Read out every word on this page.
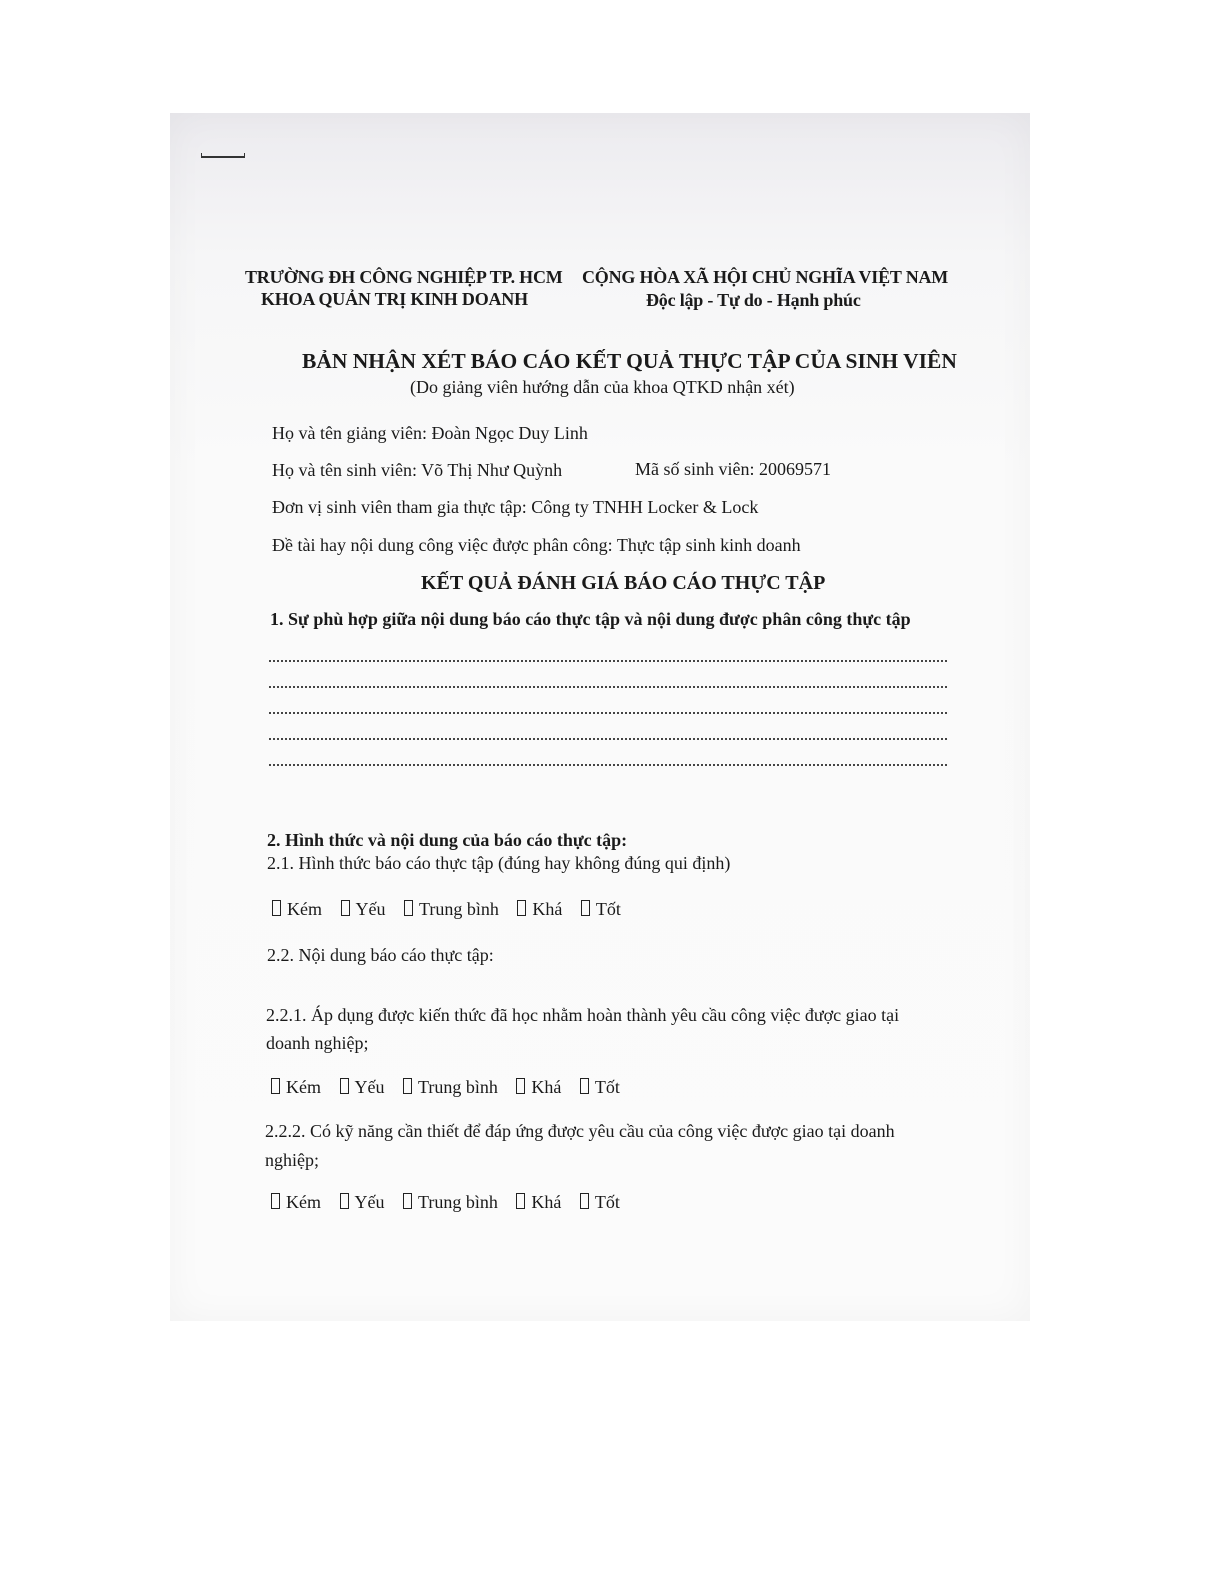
TRƯỜNG ĐH CÔNG NGHIỆP TP. HCM
KHOA QUẢN TRỊ KINH DOANH
CỘNG HÒA XÃ HỘI CHỦ NGHĨA VIỆT NAM
Độc lập - Tự do - Hạnh phúc
BẢN NHẬN XÉT BÁO CÁO KẾT QUẢ THỰC TẬP CỦA SINH VIÊN
(Do giảng viên hướng dẫn của khoa QTKD nhận xét)
Họ và tên giảng viên: Đoàn Ngọc Duy Linh
Họ và tên sinh viên: Võ Thị Như Quỳnh	Mã số sinh viên: 20069571
Đơn vị sinh viên tham gia thực tập: Công ty TNHH Locker & Lock
Đề tài hay nội dung công việc được phân công: Thực tập sinh kinh doanh
KẾT QUẢ ĐÁNH GIÁ BÁO CÁO THỰC TẬP
1. Sự phù hợp giữa nội dung báo cáo thực tập và nội dung được phân công thực tập
2. Hình thức và nội dung của báo cáo thực tập:
2.1. Hình thức báo cáo thực tập (đúng hay không đúng qui định)
Kém Yếu Trung bình Khá Tốt
2.2. Nội dung báo cáo thực tập:
2.2.1. Áp dụng được kiến thức đã học nhằm hoàn thành yêu cầu công việc được giao tại
doanh nghiệp;
Kém Yếu Trung bình Khá Tốt
2.2.2. Có kỹ năng cần thiết để đáp ứng được yêu cầu của công việc được giao tại doanh
nghiệp;
Kém Yếu Trung bình Khá Tốt
